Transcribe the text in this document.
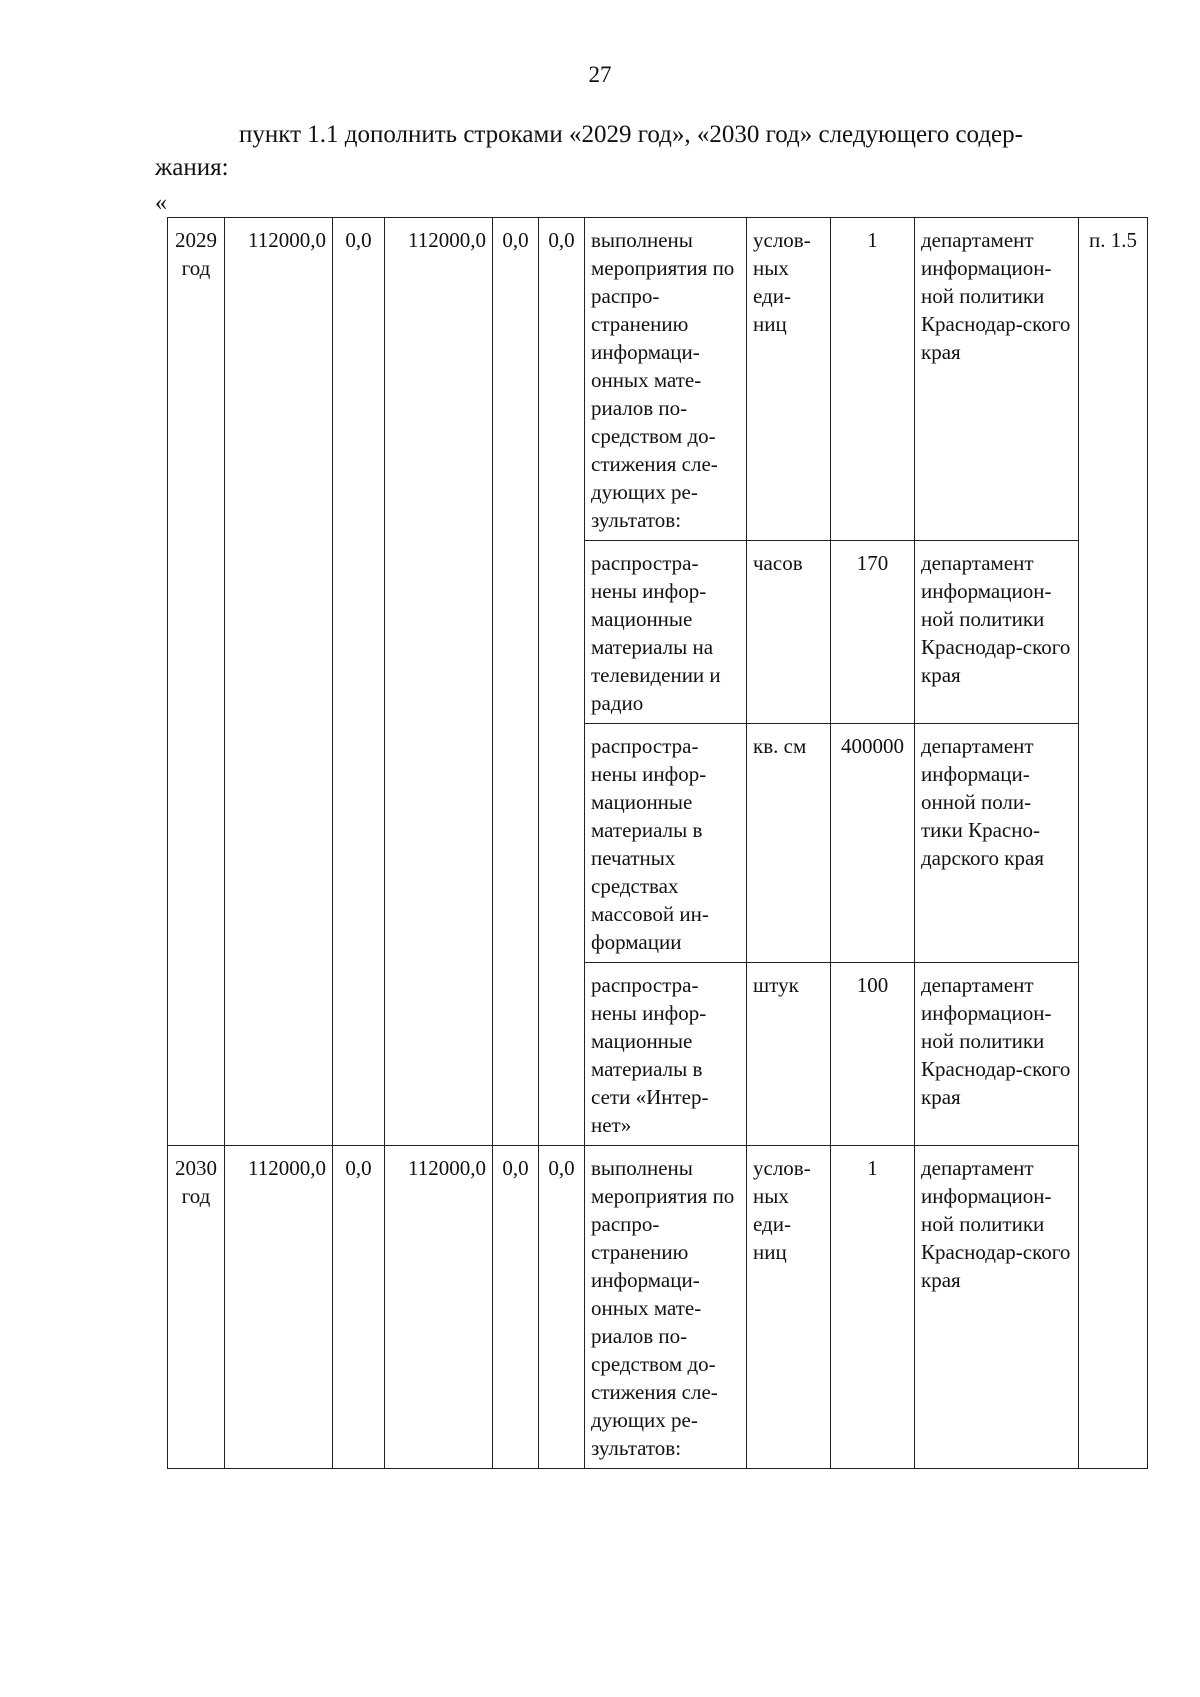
27

пункт 1.1 дополнить строками «2029 год», «2030 год» следующего содер-жания:

«
2029 год	112000,0	0,0	112000,0	0,0	0,0	выполнены мероприятия по распро-странению информаци-онных мате-риалов по-средством до-стижения сле-дующих ре-зультатов:	услов-ных еди-ниц	1	департамент информацион-ной политики Краснодар-ского края	п. 1.5
						распростра-нены инфор-мационные материалы на телевидении и радио	часов	170	департамент информацион-ной политики Краснодар-ского края	
						распростра-нены инфор-мационные материалы в печатных средствах массовой ин-формации	кв. см	400000	департамент информаци-онной поли-тики Красно-дарского края	
						распростра-нены инфор-мационные материалы в сети «Интер-нет»	штук	100	департамент информацион-ной политики Краснодар-ского края	
2030 год	112000,0	0,0	112000,0	0,0	0,0	выполнены мероприятия по распро-странению информаци-онных мате-риалов по-средством до-стижения сле-дующих ре-зультатов:	услов-ных еди-ниц	1	департамент информацион-ной политики Краснодар-ского края	
